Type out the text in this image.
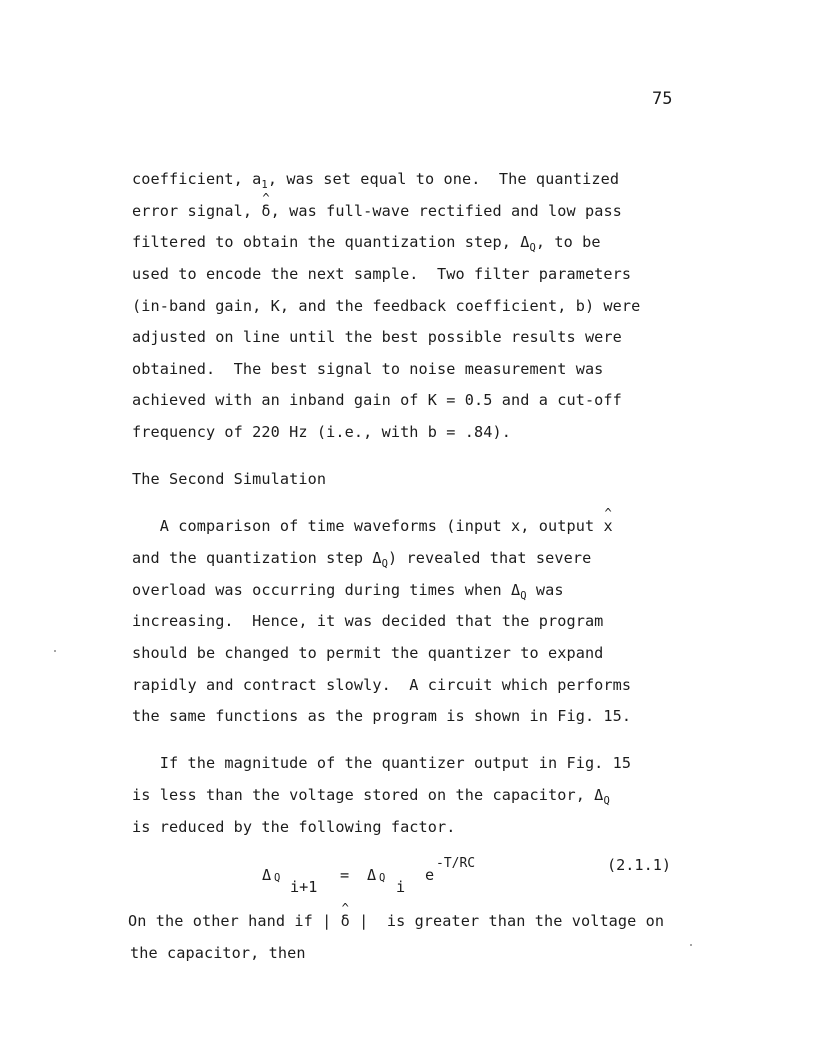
75
coefficient, $a_1$, was set equal to one.  The quantized
error signal, ^ δ, was full-wave rectified and low pass
filtered to obtain the quantization step, $\Delta_Q$, to be
used to encode the next sample.  Two filter parameters
(in-band gain, K, and the feedback coefficient, b) were
adjusted on line until the best possible results were
obtained.  The best signal to noise measurement was
achieved with an inband gain of K = 0.5 and a cut-off
frequency of 220 Hz (i.e., with b = .84).
The Second Simulation
A comparison of time waveforms (input x, output ^ x
and the quantization step $\Delta_Q$) revealed that severe
overload was occurring during times when $\Delta_Q$ was
increasing.  Hence, it was decided that the program
should be changed to permit the quantizer to expand
rapidly and contract slowly.  A circuit which performs
the same functions as the program is shown in Fig. 15.
If the magnitude of the quantizer output in Fig. 15
is less than the voltage stored on the capacitor, $\Delta_Q$
is reduced by the following factor.
Δ Q i+1
= Δ Q i
e
-T/RC	(2.1.1)
On the other hand if | ^ δ |  is greater than the voltage on
the capacitor, then
